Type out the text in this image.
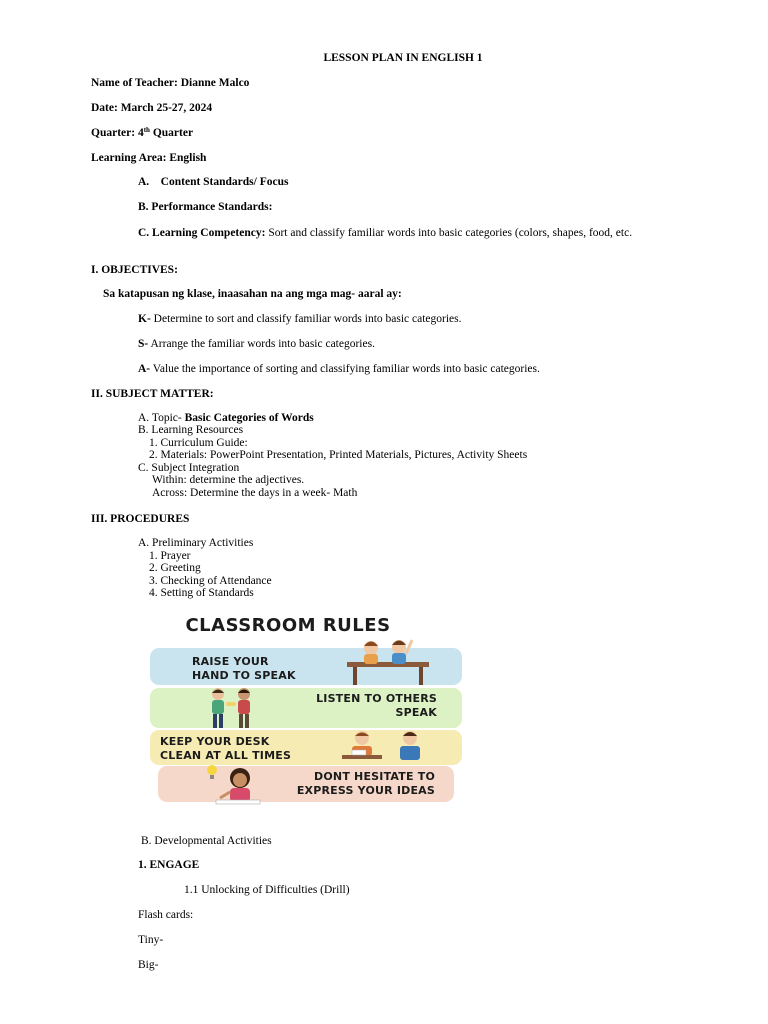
LESSON PLAN IN ENGLISH 1
Name of Teacher: Dianne Malco
Date: March 25-27, 2024
Quarter: 4th Quarter
Learning Area: English
A.    Content Standards/ Focus
B. Performance Standards:
C. Learning Competency: Sort and classify familiar words into basic categories (colors, shapes, food, etc.
I. OBJECTIVES:
Sa katapusan ng klase, inaasahan na ang mga mag- aaral ay:
K- Determine to sort and classify familiar words into basic categories.
S- Arrange the familiar words into basic categories.
A- Value the importance of sorting and classifying familiar words into basic categories.
II. SUBJECT MATTER:
A. Topic- Basic Categories of Words
B. Learning Resources
1. Curriculum Guide:
2. Materials: PowerPoint Presentation, Printed Materials, Pictures, Activity Sheets
C. Subject Integration
Within: determine the adjectives.
Across: Determine the days in a week- Math
III. PROCEDURES
A. Preliminary Activities
1. Prayer
2. Greeting
3. Checking of Attendance
4. Setting of Standards
CLASSROOM RULES
RAISE YOUR
HAND TO SPEAK
LISTEN TO OTHERS
SPEAK
KEEP YOUR DESK
CLEAN AT ALL TIMES
DONT HESITATE TO
EXPRESS YOUR IDEAS
B. Developmental Activities
1. ENGAGE
1.1 Unlocking of Difficulties (Drill)
Flash cards:
Tiny-
Big-
